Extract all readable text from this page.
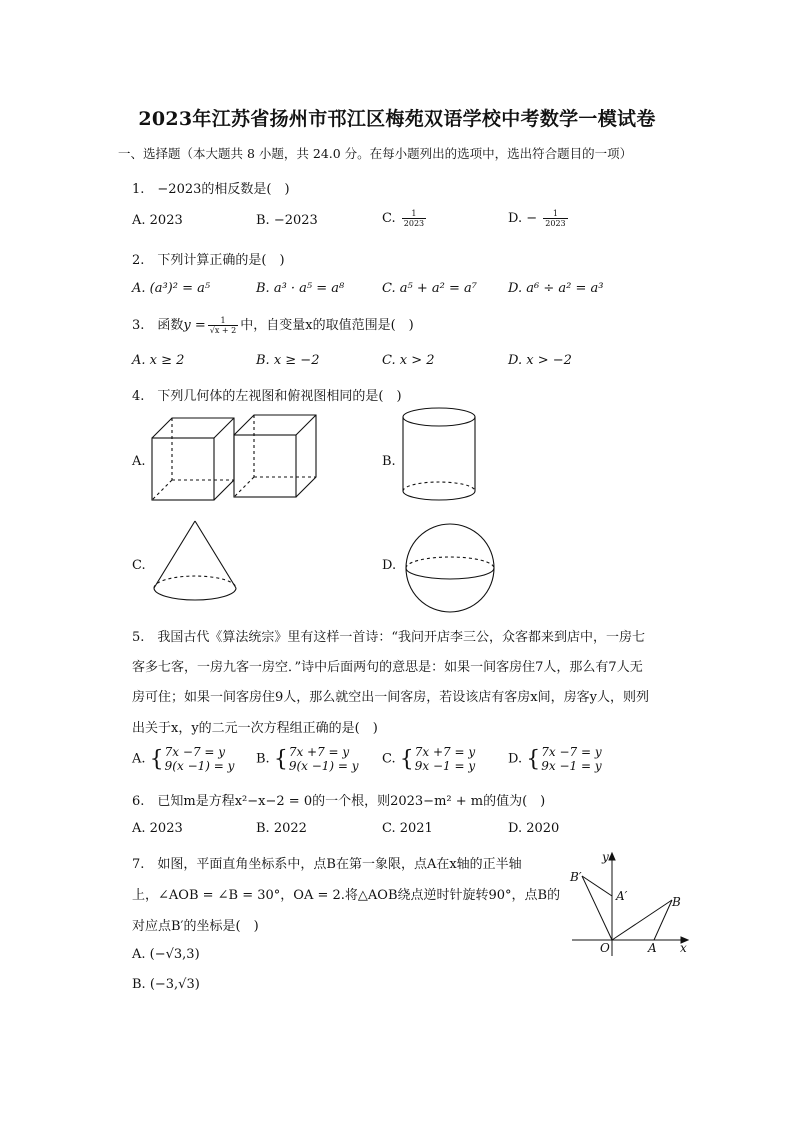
2023年江苏省扬州市邗江区梅苑双语学校中考数学一模试卷
一、选择题（本大题共 8 小题，共 24.0 分。在每小题列出的选项中，选出符合题目的一项）
1.　−2023的相反数是(　)
A. 2023	B. −2023	C. $\frac{1}{2023}$	D. − $\frac{1}{2023}$
2.　下列计算正确的是(　)
A. (a³)² = a⁵	B. a³ · a⁵ = a⁸	C. a⁵ + a² = a⁷ D. a⁶ ÷ a² = a³
3.　函数$y = \frac{1}{√x + 2}$ 中，自变量x的取值范围是(　)
A. x ≥ 2	B. x ≥ −2	C. x > 2	D. x > −2
4.　下列几何体的左视图和俯视图相同的是(　)
A.	B.
C.	D.
5.　我国古代《算法统宗》里有这样一首诗：“我问开店李三公，众客都来到店中，一房七
客多七客，一房九客一房空．”诗中后面两句的意思是：如果一间客房住7人，那么有7人无
房可住；如果一间客房住9人，那么就空出一间客房，若设该店有客房x间，房客y人，则列
出关于x，y的二元一次方程组正确的是(　)
A. {7x −7 = y
9(x −1) = y B. {7x +7 = y
9(x −1) = y C. {7x +7 = y
9x −1 = y	D. {7x −7 = y
9x −1 = y
6.　已知m是方程x²−x−2 = 0的一个根，则2023−m² + m的值为(　)
A. 2023	B. 2022	C. 2021	D. 2020
7.　如图，平面直角坐标系中，点B在第一象限，点A在x轴的正半轴
上，∠AOB = ∠B = 30°，OA = 2.将△AOB绕点逆时针旋转90°，点B的
对应点B′的坐标是(　)
A. (−√3,3)
B. (−3,√3)
y
x
O	A
B
B′
A′
